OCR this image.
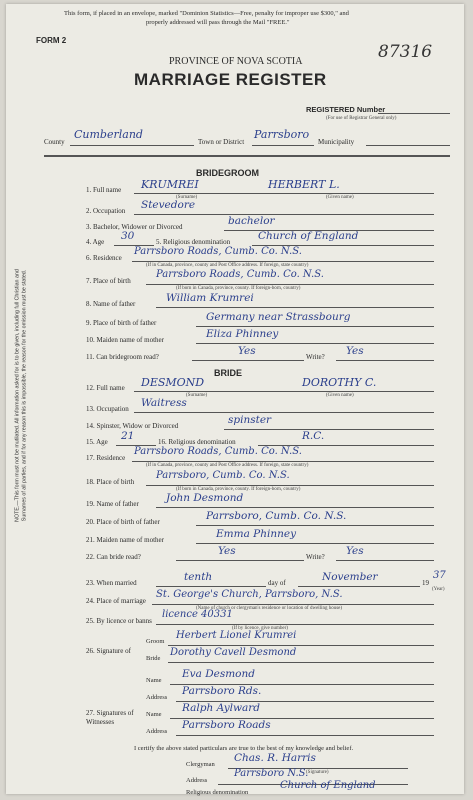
This form, if placed in an envelope, marked "Dominion Statistics—Free, penalty for improper use $300," and
properly addressed will pass through the Mail "FREE."
FORM 2
PROVINCE OF NOVA SCOTIA
MARRIAGE REGISTER
87316
REGISTERED Number
(For use of Registrar General only)
County
Cumberland
Town or District
Parrsboro
Municipality
NOTE.—This form must not be mutilated. All information asked for is to be given, including full Christian and Surnames of all parties, and if for any reason this is impossible, the reason for the omission must be stated.
BRIDEGROOM
1. Full name KRUMREI	HERBERT L.
(Surname)	(Given name)
2. Occupation Stevedore
3. Bachelor, Widower or Divorced	bachelor
4. Age 30	5. Religious denomination	Church of England
6. Residence
Parrsboro Roads, Cumb. Co. N.S.
(If in Canada, province, county and Post Office address. If foreign, state country)
7. Place of birth
Parrsboro Roads, Cumb. Co. N.S.
(If born in Canada, province, county. If foreign-born, country)
8. Name of father	William Krumrei
9. Place of birth of father	Germany near Strassbourg
10. Maiden name of mother	Eliza Phinney
11. Can bridegroom read?	Yes	Write? Yes
BRIDE
12. Full name DESMOND	DOROTHY C.
(Surname)	(Given name)
13. Occupation Waitress
14. Spinster, Widow or Divorced	spinster
15. Age 21	16. Religious denomination	R.C.
17. Residence
Parrsboro Roads, Cumb. Co. N.S.
(If in Canada, province, county and Post Office address. If foreign, state country)
18. Place of birth
Parrsboro, Cumb. Co. N.S.
(If born in Canada, province, county. If foreign-born, country)
19. Name of father	John Desmond
20. Place of birth of father	Parrsboro, Cumb. Co. N.S.
21. Maiden name of mother	Emma Phinney
22. Can bride read?	Yes	Write? Yes
23. When married	tenth	day of	November	19
37
(Year)
24. Place of marriage
St. George's Church, Parrsboro, N.S.
(Name of church or clergyman's residence or location of dwelling house)
25. By licence or banns
licence 40331
(If by licence, give number)
26. Signature of
Groom
Herbert Lionel Krumrei
Bride
Dorothy Cavell Desmond
27. Signatures of Witnesses
Name
Eva Desmond
Address
Parrsboro Rds.
Name
Ralph Aylward
Address
Parrsboro Roads
I certify the above stated particulars are true to the best of my knowledge and belief.
Clergyman
Chas. R. Harris
(Signature)
Address
Parrsboro N.S.
Religious denomination
Church of England
